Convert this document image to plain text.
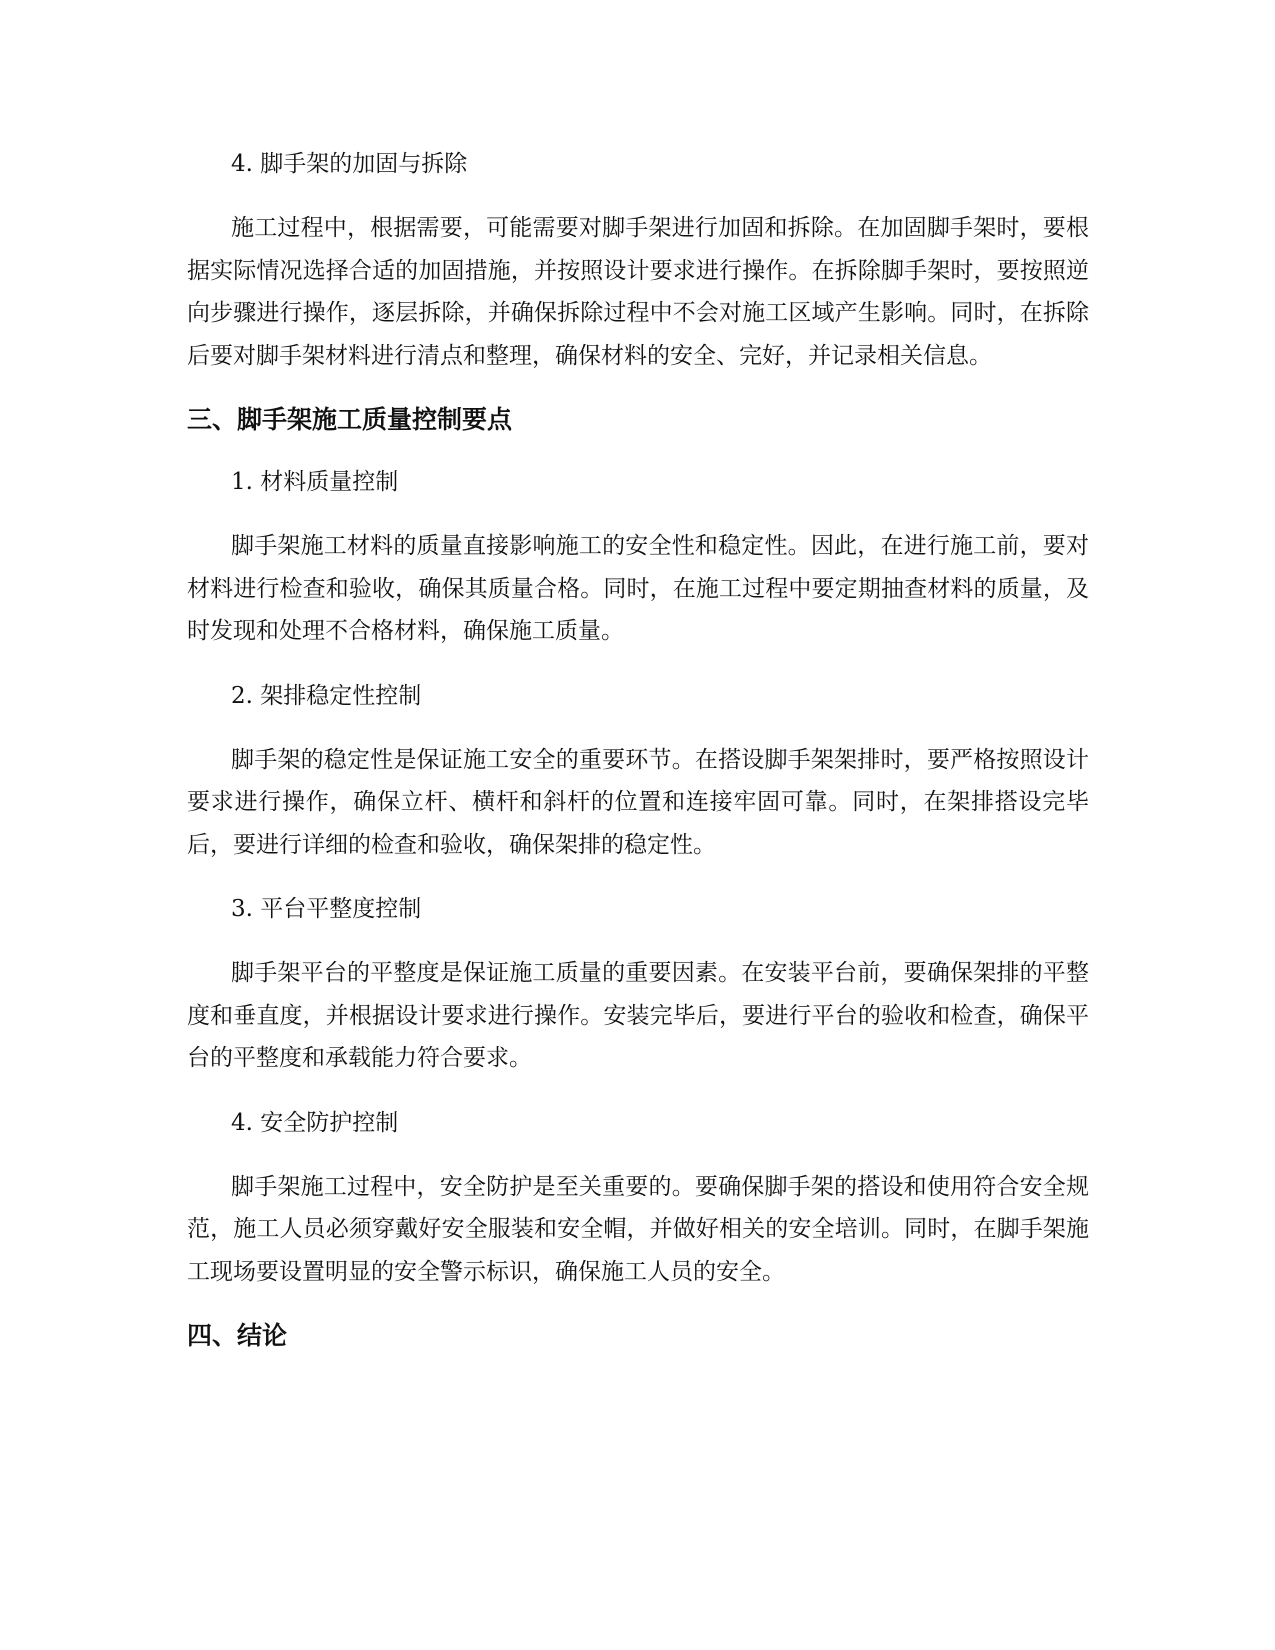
4. 脚手架的加固与拆除

施工过程中，根据需要，可能需要对脚手架进行加固和拆除。在加固脚手架时，要根据实际情况选择合适的加固措施，并按照设计要求进行操作。在拆除脚手架时，要按照逆向步骤进行操作，逐层拆除，并确保拆除过程中不会对施工区域产生影响。同时，在拆除后要对脚手架材料进行清点和整理，确保材料的安全、完好，并记录相关信息。

三、脚手架施工质量控制要点
1. 材料质量控制

脚手架施工材料的质量直接影响施工的安全性和稳定性。因此，在进行施工前，要对材料进行检查和验收，确保其质量合格。同时，在施工过程中要定期抽查材料的质量，及时发现和处理不合格材料，确保施工质量。

2. 架排稳定性控制

脚手架的稳定性是保证施工安全的重要环节。在搭设脚手架架排时，要严格按照设计要求进行操作，确保立杆、横杆和斜杆的位置和连接牢固可靠。同时，在架排搭设完毕后，要进行详细的检查和验收，确保架排的稳定性。

3. 平台平整度控制

脚手架平台的平整度是保证施工质量的重要因素。在安装平台前，要确保架排的平整度和垂直度，并根据设计要求进行操作。安装完毕后，要进行平台的验收和检查，确保平台的平整度和承载能力符合要求。

4. 安全防护控制

脚手架施工过程中，安全防护是至关重要的。要确保脚手架的搭设和使用符合安全规范，施工人员必须穿戴好安全服装和安全帽，并做好相关的安全培训。同时，在脚手架施工现场要设置明显的安全警示标识，确保施工人员的安全。

四、结论
